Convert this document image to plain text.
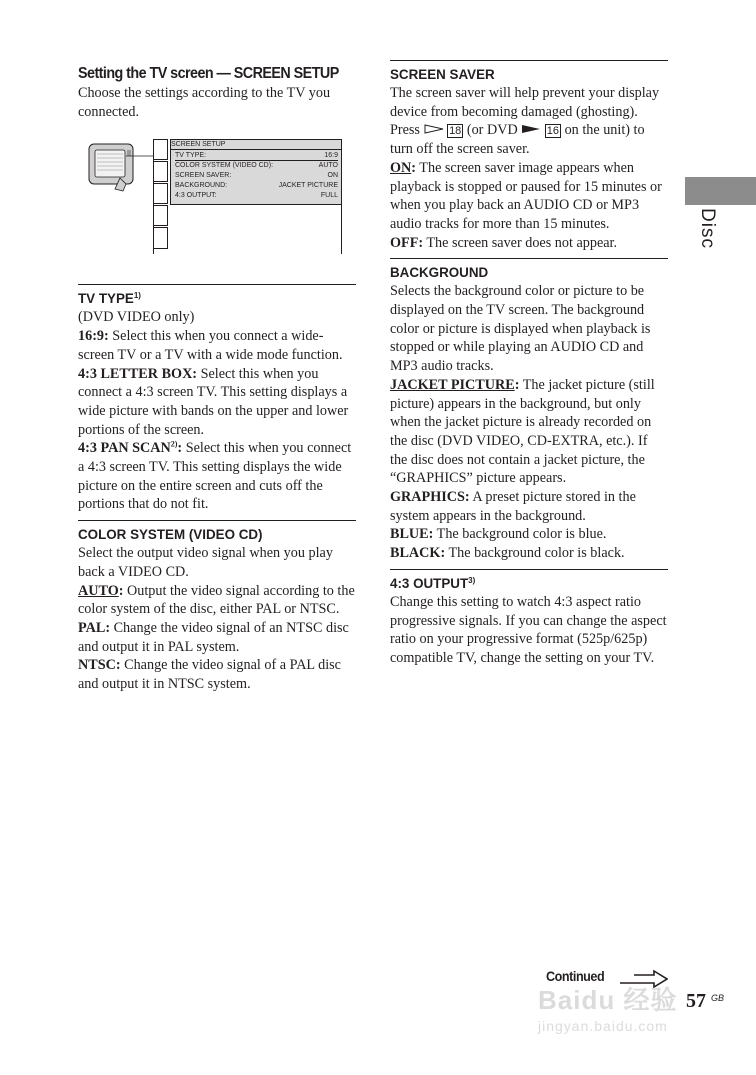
Setting the TV screen — SCREEN SETUP

Choose the settings according to the TV you connected.

SCREEN SETUP
TV TYPE:	16:9
COLOR SYSTEM (VIDEO CD):	AUTO
SCREEN SAVER:	ON
BACKGROUND:	JACKET PICTURE
4:3 OUTPUT:	FULL
TV TYPE$^{1)}$

(DVD VIDEO only)

16:9: Select this when you connect a wide-screen TV or a TV with a wide mode function.

4:3 LETTER BOX: Select this when you connect a 4:3 screen TV. This setting displays a wide picture with bands on the upper and lower portions of the screen.

4:3 PAN SCAN$^{2)}$: Select this when you connect a 4:3 screen TV. This setting displays the wide picture on the entire screen and cuts off the portions that do not fit.

COLOR SYSTEM (VIDEO CD)

Select the output video signal when you play back a VIDEO CD.

AUTO: Output the video signal according to the color system of the disc, either PAL or NTSC.

PAL: Change the video signal of an NTSC disc and output it in PAL system.

NTSC: Change the video signal of a PAL disc and output it in NTSC system.

SCREEN SAVER

The screen saver will help prevent your display device from becoming damaged (ghosting). Press  18 (or DVD  16 on the unit) to turn off the screen saver.

ON: The screen saver image appears when playback is stopped or paused for 15 minutes or when you play back an AUDIO CD or MP3 audio tracks for more than 15 minutes.

OFF: The screen saver does not appear.

BACKGROUND

Selects the background color or picture to be displayed on the TV screen. The background color or picture is displayed when playback is stopped or while playing an AUDIO CD and MP3 audio tracks.

JACKET PICTURE: The jacket picture (still picture) appears in the background, but only when the jacket picture is already recorded on the disc (DVD VIDEO, CD-EXTRA, etc.). If the disc does not contain a jacket picture, the “GRAPHICS” picture appears.

GRAPHICS: A preset picture stored in the system appears in the background.

BLUE: The background color is blue.

BLACK: The background color is black.

4:3 OUTPUT$^{3)}$

Change this setting to watch 4:3 aspect ratio progressive signals. If you can change the aspect ratio on your progressive format (525p/625p) compatible TV, change the setting on your TV.

Disc
Baidu 经验
jingyan.baidu.com
Continued
57 GB
